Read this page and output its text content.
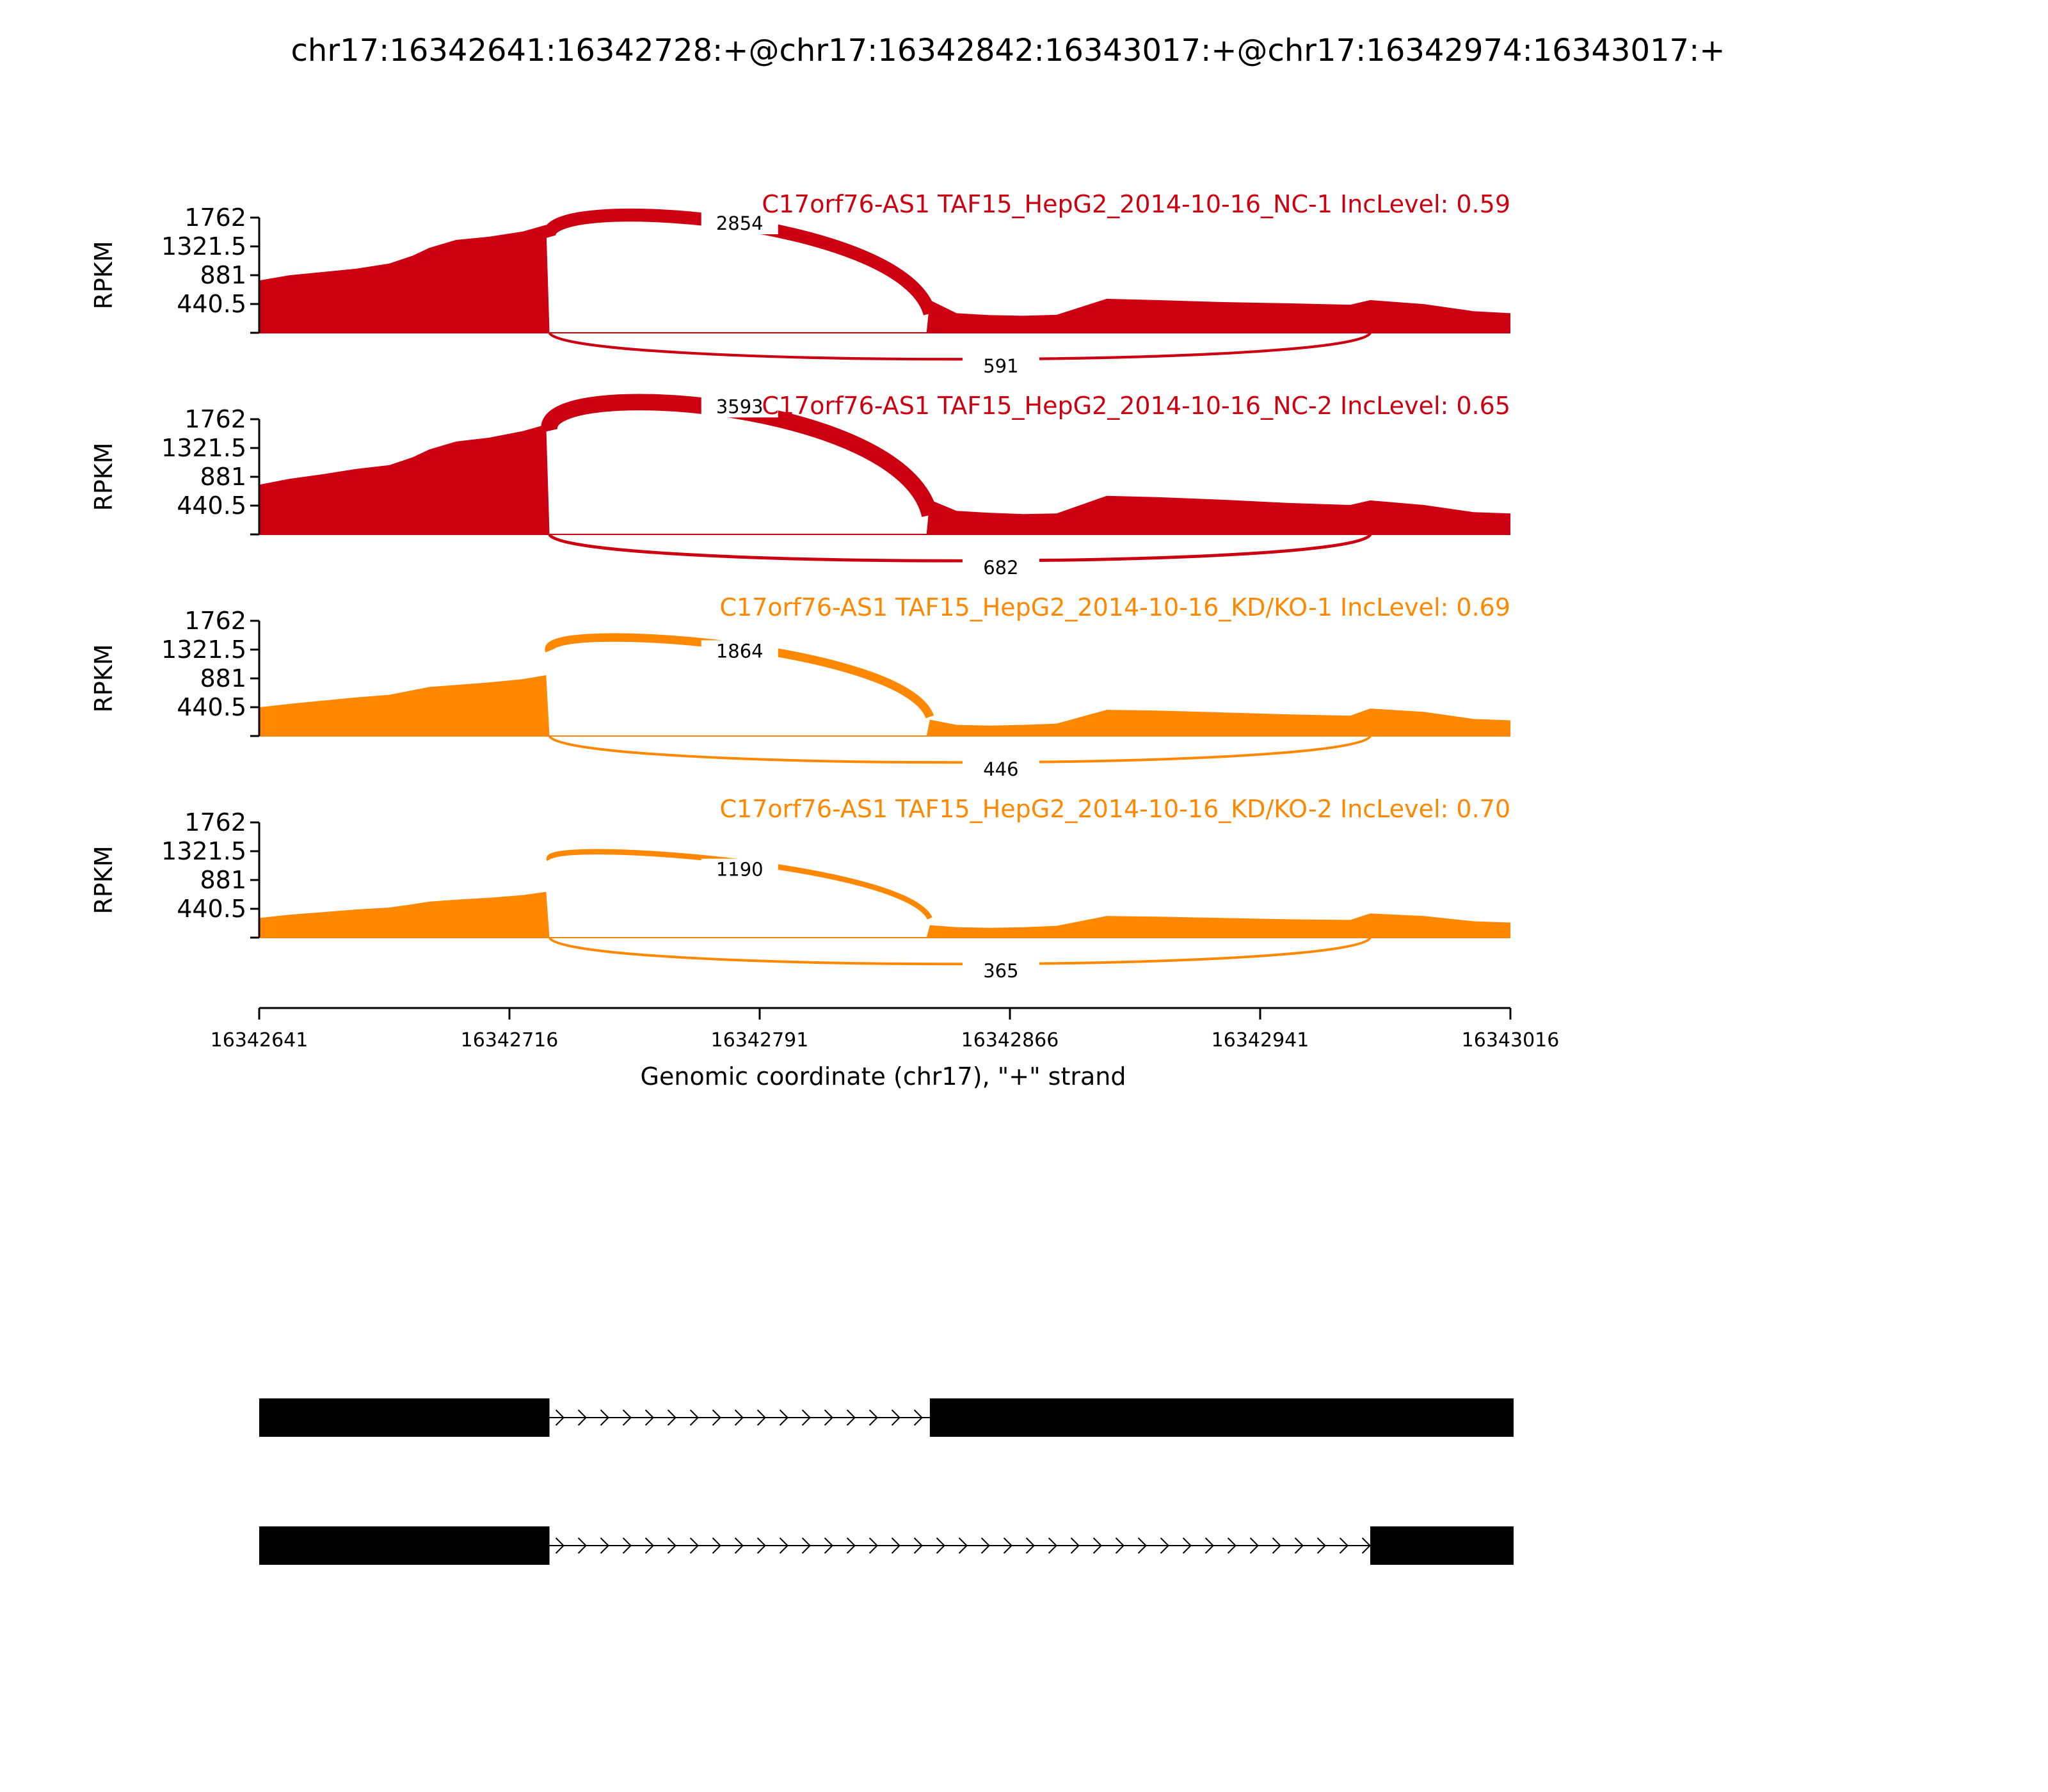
chr17:16342641:16342728:+@chr17:16342842:16343017:+@chr17:16342974:16343017:+
440.5
881
1321.5
1762
RPKM
2854
591
C17orf76-AS1 TAF15_HepG2_2014-10-16_NC-1 IncLevel: 0.59
440.5
881
1321.5
1762
RPKM
3593
682
C17orf76-AS1 TAF15_HepG2_2014-10-16_NC-2 IncLevel: 0.65
440.5
881
1321.5
1762
RPKM	1864
446
C17orf76-AS1 TAF15_HepG2_2014-10-16_KD/KO-1 IncLevel: 0.69
440.5
881
1321.5
1762
RPKM	1190
365
C17orf76-AS1 TAF15_HepG2_2014-10-16_KD/KO-2 IncLevel: 0.70
16342641	16342716	16342791	16342866	16342941	16343016
Genomic coordinate (chr17), "+" strand
